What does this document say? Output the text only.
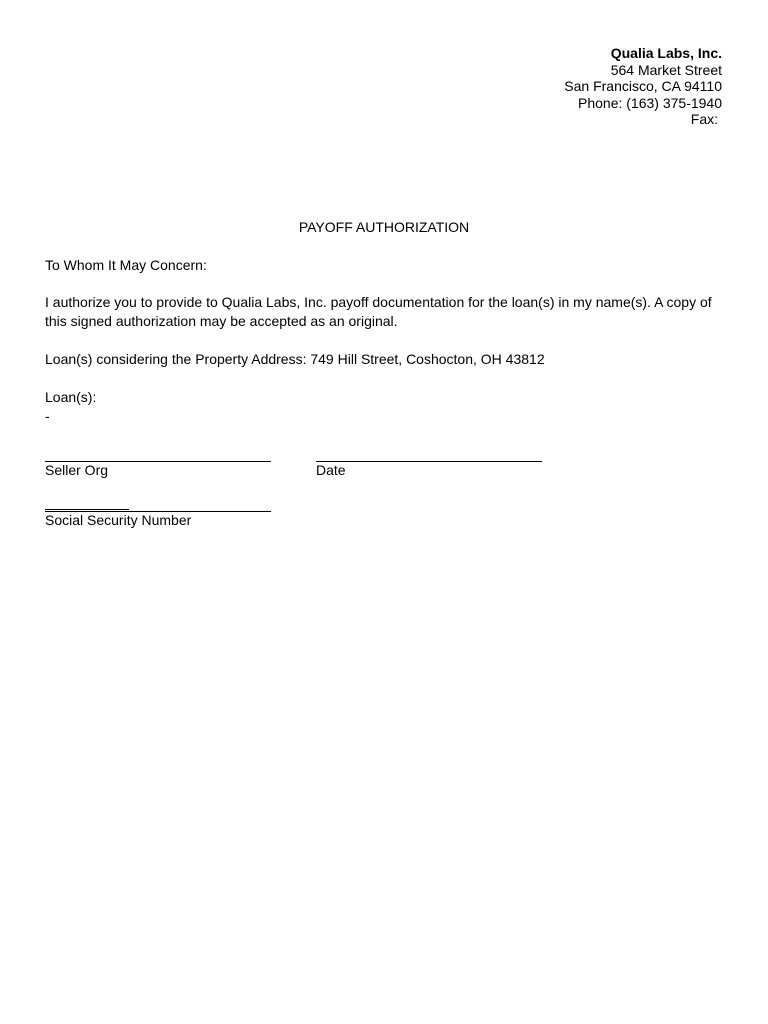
Qualia Labs, Inc.
564 Market Street
San Francisco, CA 94110
Phone: (163) 375-1940
Fax:
PAYOFF AUTHORIZATION
To Whom It May Concern:
I authorize you to provide to Qualia Labs, Inc. payoff documentation for the loan(s) in my name(s). A copy of this signed authorization may be accepted as an original.
Loan(s) considering the Property Address: 749 Hill Street, Coshocton, OH 43812
Loan(s):
-
Seller Org	Date
Social Security Number
